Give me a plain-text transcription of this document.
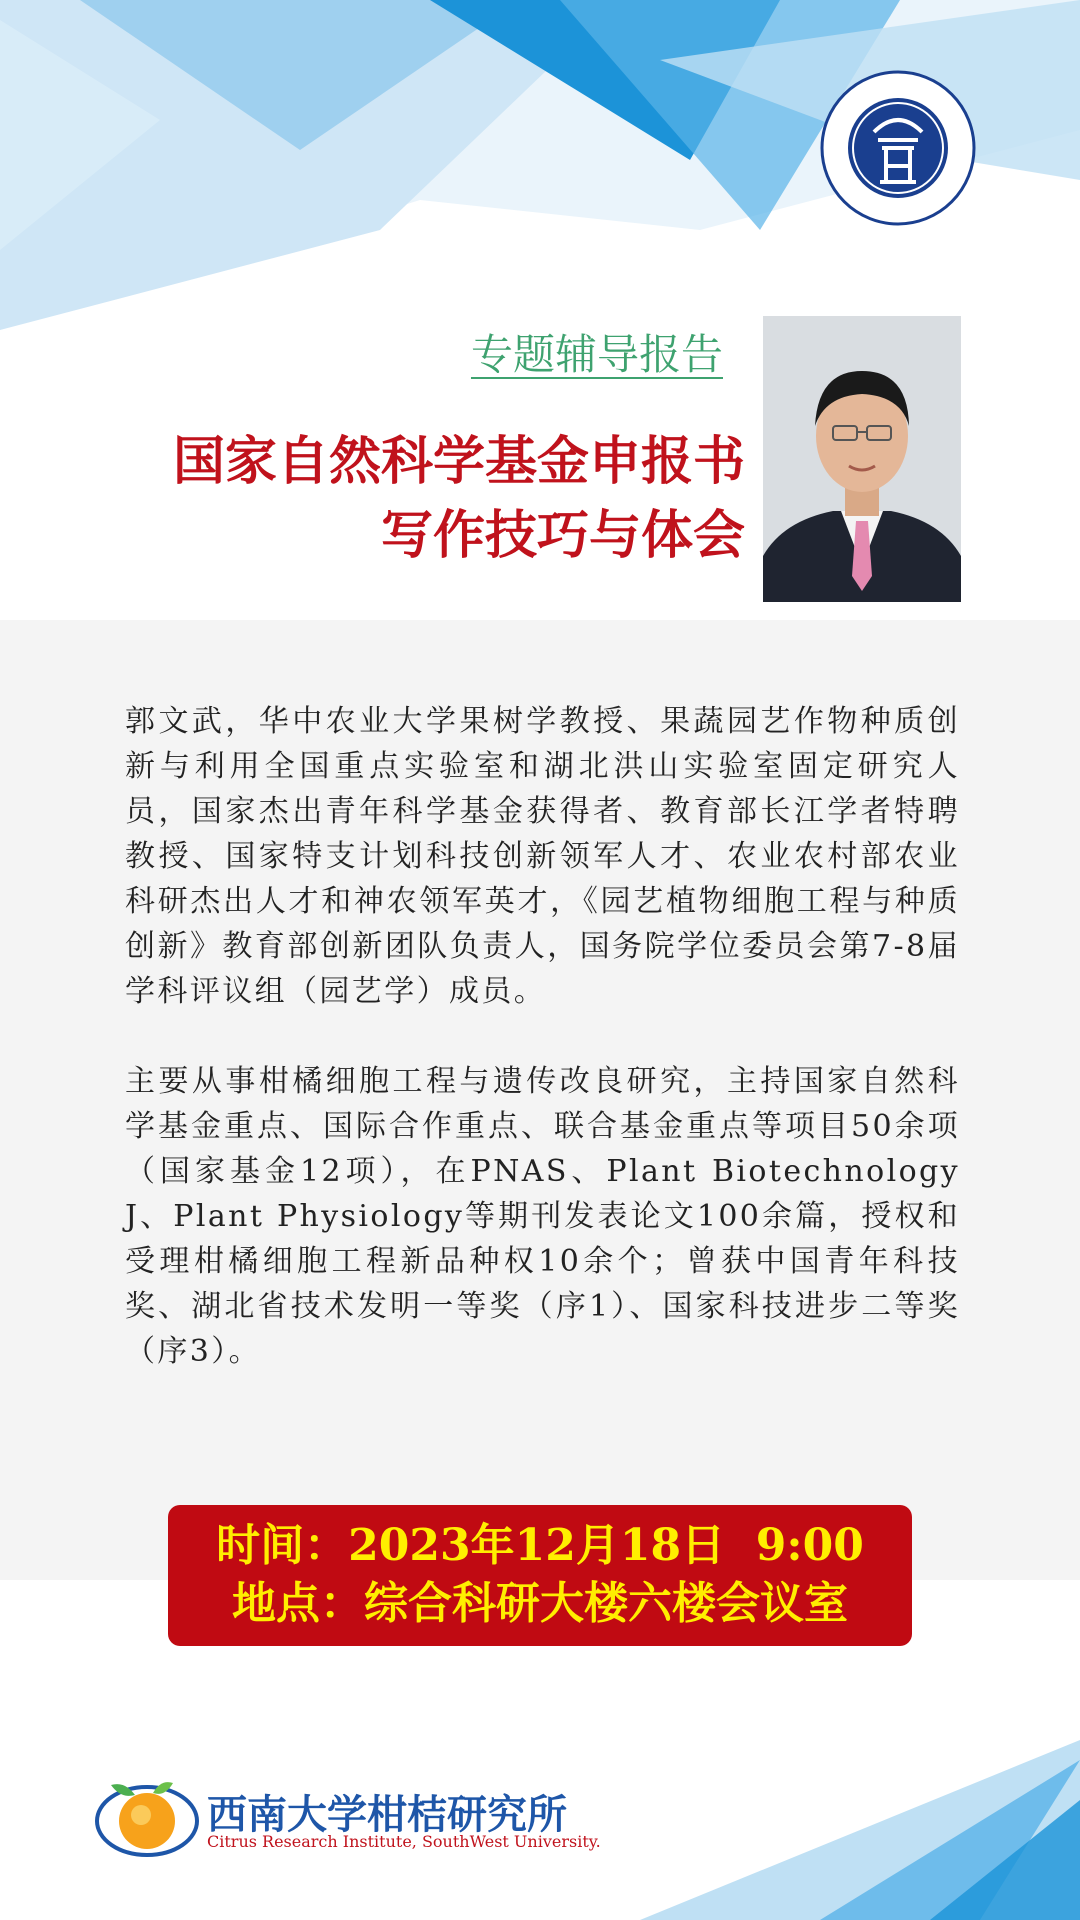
专题辅导报告
国家自然科学基金申报书
写作技巧与体会

郭文武，华中农业大学果树学教授、果蔬园艺作物种质创新与利用全国重点实验室和湖北洪山实验室固定研究人员，国家杰出青年科学基金获得者、教育部长江学者特聘教授、国家特支计划科技创新领军人才、农业农村部农业科研杰出人才和神农领军英才，《园艺植物细胞工程与种质创新》教育部创新团队负责人，国务院学位委员会第7-8届学科评议组（园艺学）成员。

主要从事柑橘细胞工程与遗传改良研究，主持国家自然科学基金重点、国际合作重点、联合基金重点等项目50余项（国家基金12项），在PNAS、Plant Biotechnology J、Plant Physiology等期刊发表论文100余篇，授权和受理柑橘细胞工程新品种权10余个；曾获中国青年科技奖、湖北省技术发明一等奖（序1）、国家科技进步二等奖（序3）。

时间：2023年12月18日  9:00
地点：综合科研大楼六楼会议室
西南大学柑桔研究所
Citrus Research Institute, SouthWest University.
